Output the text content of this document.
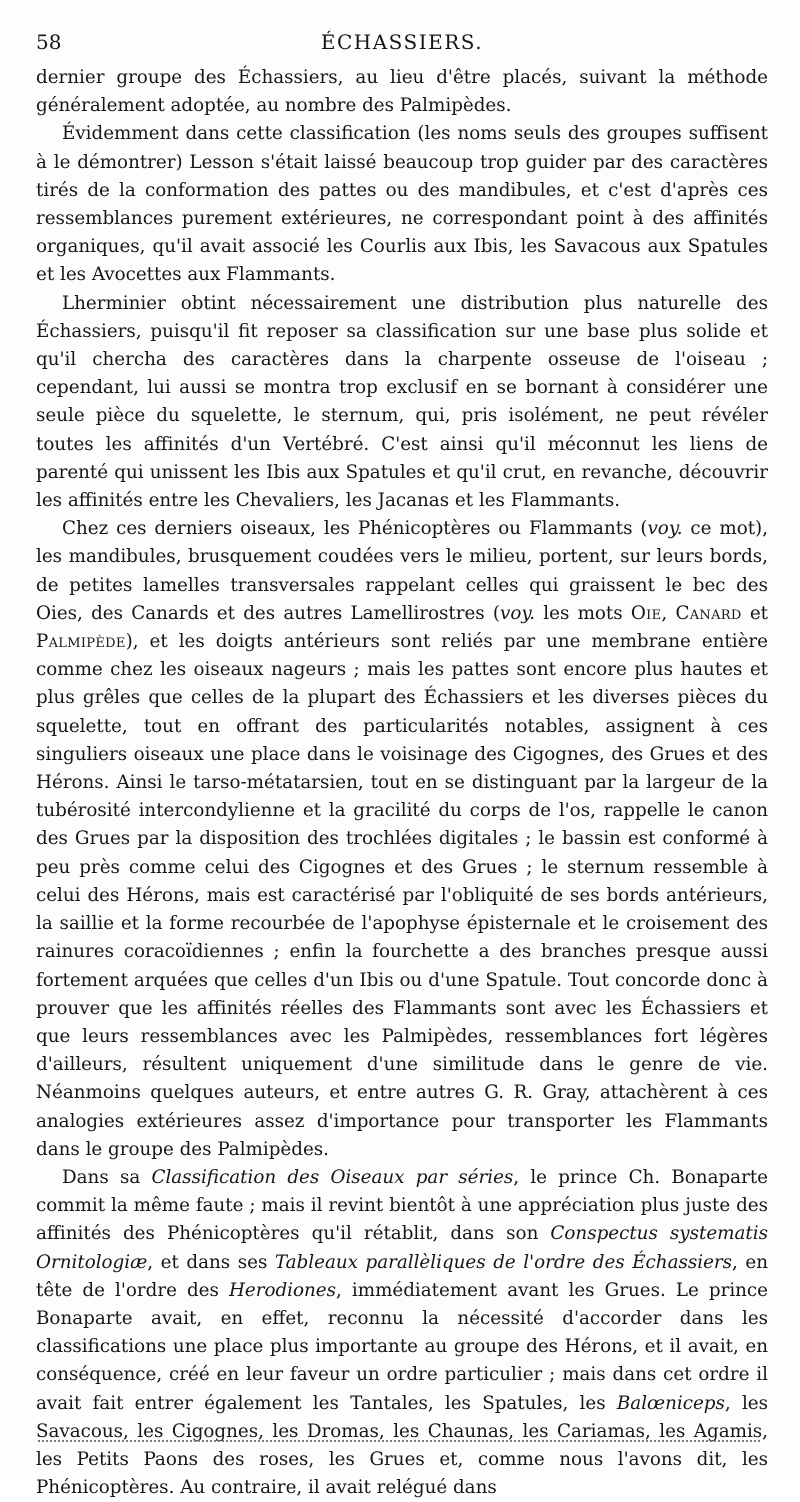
58	ÉCHASSIERS.

dernier groupe des Échassiers, au lieu d'être placés, suivant la méthode généralement adoptée, au nombre des Palmipèdes.

Évidemment dans cette classification (les noms seuls des groupes suffisent à le démontrer) Lesson s'était laissé beaucoup trop guider par des caractères tirés de la conformation des pattes ou des mandibules, et c'est d'après ces ressemblances purement extérieures, ne correspondant point à des affinités organiques, qu'il avait associé les Courlis aux Ibis, les Savacous aux Spatules et les Avocettes aux Flammants.

Lherminier obtint nécessairement une distribution plus naturelle des Échassiers, puisqu'il fit reposer sa classification sur une base plus solide et qu'il chercha des caractères dans la charpente osseuse de l'oiseau ; cependant, lui aussi se montra trop exclusif en se bornant à considérer une seule pièce du squelette, le sternum, qui, pris isolément, ne peut révéler toutes les affinités d'un Vertébré. C'est ainsi qu'il méconnut les liens de parenté qui unissent les Ibis aux Spatules et qu'il crut, en revanche, découvrir les affinités entre les Chevaliers, les Jacanas et les Flammants.

Chez ces derniers oiseaux, les Phénicoptères ou Flammants (voy. ce mot), les mandibules, brusquement coudées vers le milieu, portent, sur leurs bords, de petites lamelles transversales rappelant celles qui graissent le bec des Oies, des Canards et des autres Lamellirostres (voy. les mots Oie, Canard et Palmipède), et les doigts antérieurs sont reliés par une membrane entière comme chez les oiseaux nageurs ; mais les pattes sont encore plus hautes et plus grêles que celles de la plupart des Échassiers et les diverses pièces du squelette, tout en offrant des particularités notables, assignent à ces singuliers oiseaux une place dans le voisinage des Cigognes, des Grues et des Hérons. Ainsi le tarso-métatarsien, tout en se distinguant par la largeur de la tubérosité intercondylienne et la gracilité du corps de l'os, rappelle le canon des Grues par la disposition des trochlées digitales ; le bassin est conformé à peu près comme celui des Cigognes et des Grues ; le sternum ressemble à celui des Hérons, mais est caractérisé par l'obliquité de ses bords antérieurs, la saillie et la forme recourbée de l'apophyse épisternale et le croisement des rainures coracoïdiennes ; enfin la fourchette a des branches presque aussi fortement arquées que celles d'un Ibis ou d'une Spatule. Tout concorde donc à prouver que les affinités réelles des Flammants sont avec les Échassiers et que leurs ressemblances avec les Palmipèdes, ressemblances fort légères d'ailleurs, résultent uniquement d'une similitude dans le genre de vie. Néanmoins quelques auteurs, et entre autres G. R. Gray, attachèrent à ces analogies extérieures assez d'importance pour transporter les Flammants dans le groupe des Palmipèdes.

Dans sa Classification des Oiseaux par séries, le prince Ch. Bonaparte commit la même faute ; mais il revint bientôt à une appréciation plus juste des affinités des Phénicoptères qu'il rétablit, dans son Conspectus systematis Ornitologiæ, et dans ses Tableaux parallèliques de l'ordre des Échassiers, en tête de l'ordre des Herodiones, immédiatement avant les Grues. Le prince Bonaparte avait, en effet, reconnu la nécessité d'accorder dans les classifications une place plus importante au groupe des Hérons, et il avait, en conséquence, créé en leur faveur un ordre particulier ; mais dans cet ordre il avait fait entrer également les Tantales, les Spatules, les Balœniceps, les Savacous, les Cigognes, les Dromas, les Chaunas, les Cariamas, les Agamis, les Petits Paons des roses, les Grues et, comme nous l'avons dit, les Phénicoptères. Au contraire, il avait relégué dans
